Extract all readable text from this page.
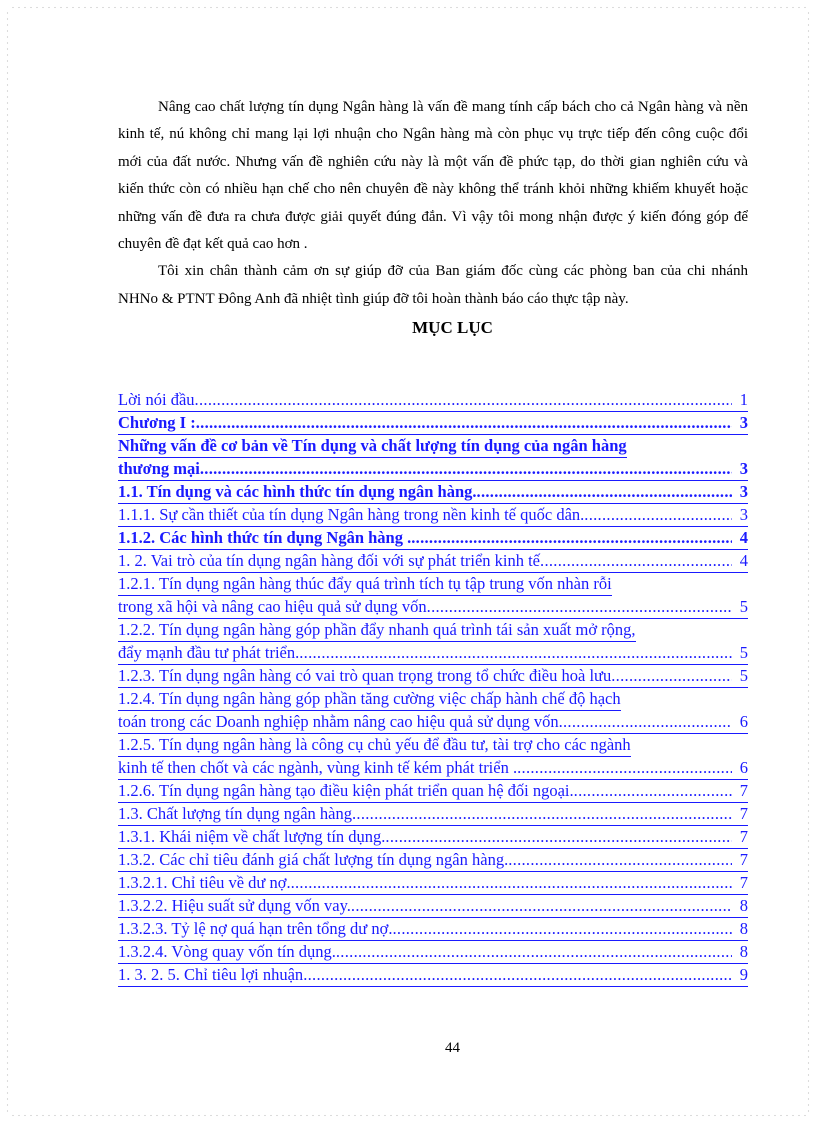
Nâng cao chất lượng tín dụng Ngân hàng là vấn đề mang tính cấp bách cho cả Ngân hàng và nền kinh tế, nú không chỉ mang lại lợi nhuận cho Ngân hàng mà còn phục vụ trực tiếp đến công cuộc đổi mới của đất nước. Nhưng vấn đề nghiên cứu này là một vấn đề phức tạp, do thời gian nghiên cứu và kiến thức còn có nhiều hạn chế cho nên chuyên đề này không thể tránh khỏi những khiếm khuyết hoặc những vấn đề đưa ra chưa được giải quyết đúng đắn. Vì vậy tôi mong nhận được ý kiến đóng góp để chuyên đề đạt kết quả cao hơn .

Tôi xin chân thành cảm ơn sự giúp đỡ của Ban giám đốc cùng các phòng ban của chi nhánh NHNo & PTNT Đông Anh đã nhiệt tình giúp đỡ tôi hoàn thành báo cáo thực tập này.

MỤC LỤC
Lời nói đầu .....	1
Chương I : .....	3
Những vấn đề cơ bản về Tín dụng và chất lượng tín dụng của ngân hàng
thương mại .....	3
1.1. Tín dụng và các hình thức tín dụng ngân hàng. .....	3
1.1.1. Sự cần thiết của tín dụng Ngân hàng trong nền kinh tế quốc dân. .....	3
1.1.2. Các hình thức tín dụng Ngân hàng . .....	4
1. 2. Vai trò của tín dụng ngân hàng đối với sự phát triển kinh tế .....	4
1.2.1. Tín dụng ngân hàng thúc đẩy quá trình tích tụ tập trung vốn nhàn rỗi
trong xã hội và nâng cao hiệu quả sử dụng vốn .....	5
1.2.2. Tín dụng ngân hàng góp phần đẩy nhanh quá trình tái sản xuất mở rộng,
đẩy mạnh đầu tư phát triển. .....	5
1.2.3. Tín dụng ngân hàng có vai trò quan trọng trong tổ chức điều hoà lưu .....	5
1.2.4. Tín dụng ngân hàng góp phần tăng cường việc chấp hành chế độ hạch
toán trong các Doanh nghiệp nhằm nâng cao hiệu quả sử dụng vốn .....	6
1.2.5. Tín dụng ngân hàng là công cụ chủ yếu để đầu tư, tài trợ cho các ngành
kinh tế then chốt và các ngành, vùng kinh tế kém phát triển . .....	6
1.2.6. Tín dụng ngân hàng tạo điều kiện phát triển quan hệ đối ngoại. .....	7
1.3. Chất lượng tín dụng ngân hàng .....	7
1.3.1. Khái niệm về chất lượng tín dụng. .....	7
1.3.2. Các chỉ tiêu đánh giá chất lượng tín dụng ngân hàng. .....	7
1.3.2.1. Chỉ tiêu về dư nợ. .....	7
1.3.2.2. Hiệu suất sử dụng vốn vay. .....	8
1.3.2.3. Tỷ lệ nợ quá hạn trên tổng dư nợ. .....	8
1.3.2.4. Vòng quay vốn tín dụng. .....	8
1. 3. 2. 5. Chỉ tiêu lợi nhuận .....	9
44
